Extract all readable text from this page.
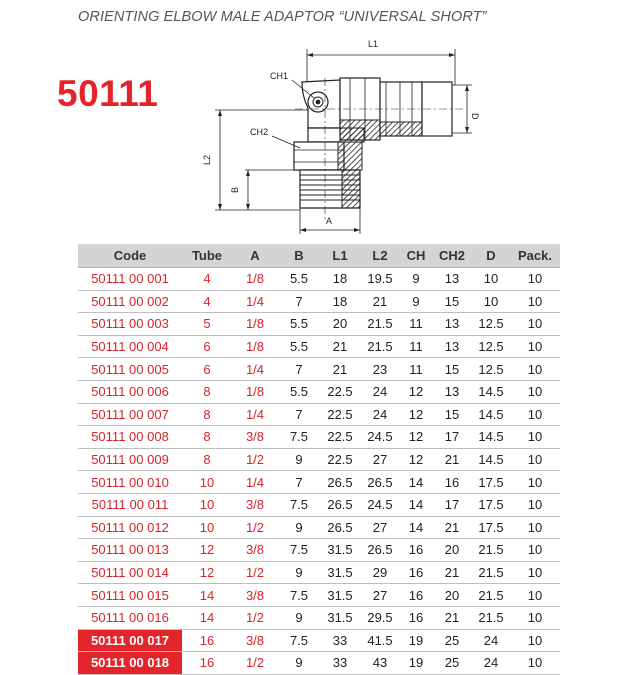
ORIENTING ELBOW MALE ADAPTOR “UNIVERSAL SHORT”
50111
L1
CH1
CH2
D
L2
B
A
Code	Tube	A	B	L1	L2	CH	CH2	D	Pack.
50111 00 001	4	1/8	5.5	18	19.5	9	13	10	10
50111 00 002	4	1/4	7	18	21	9	15	10	10
50111 00 003	5	1/8	5.5	20	21.5	11	13	12.5	10
50111 00 004	6	1/8	5.5	21	21.5	11	13	12.5	10
50111 00 005	6	1/4	7	21	23	11	15	12.5	10
50111 00 006	8	1/8	5.5	22.5	24	12	13	14.5	10
50111 00 007	8	1/4	7	22.5	24	12	15	14.5	10
50111 00 008	8	3/8	7.5	22.5	24.5	12	17	14.5	10
50111 00 009	8	1/2	9	22.5	27	12	21	14.5	10
50111 00 010	10	1/4	7	26.5	26.5	14	16	17.5	10
50111 00 011	10	3/8	7.5	26.5	24.5	14	17	17.5	10
50111 00 012	10	1/2	9	26.5	27	14	21	17.5	10
50111 00 013	12	3/8	7.5	31.5	26.5	16	20	21.5	10
50111 00 014	12	1/2	9	31.5	29	16	21	21.5	10
50111 00 015	14	3/8	7.5	31.5	27	16	20	21.5	10
50111 00 016	14	1/2	9	31.5	29.5	16	21	21.5	10
50111 00 017	16	3/8	7.5	33	41.5	19	25	24	10
50111 00 018	16	1/2	9	33	43	19	25	24	10
